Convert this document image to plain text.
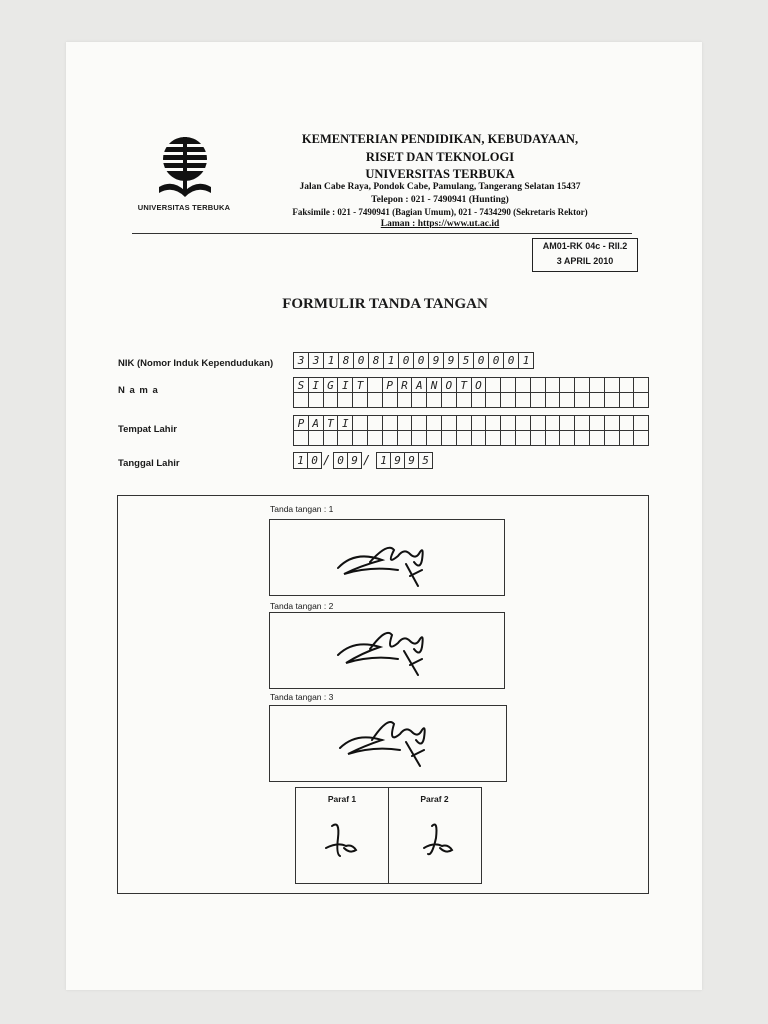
UNIVERSITAS TERBUKA
KEMENTERIAN PENDIDIKAN, KEBUDAYAAN,
RISET DAN TEKNOLOGI
UNIVERSITAS TERBUKA
Jalan Cabe Raya, Pondok Cabe, Pamulang, Tangerang Selatan 15437
Telepon : 021 - 7490941 (Hunting)
Faksimile : 021 - 7490941 (Bagian Umum), 021 - 7434290 (Sekretaris Rektor)
Laman : https://www.ut.ac.id
AM01-RK 04c - RII.2
3 APRIL 2010
FORMULIR TANDA TANGAN
NIK (Nomor Induk Kependudukan)
N a m a
Tempat Lahir
Tanggal Lahir
3 3 1 8 0 8 1 0 0 9 9 5 0 0 0 1
S I G I T	P R A N O T O
P A T I
1 0 / 0 9 / 1 9 9 5
Tanda tangan : 1
Tanda tangan : 2
Tanda tangan : 3
Paraf 1	Paraf 2
